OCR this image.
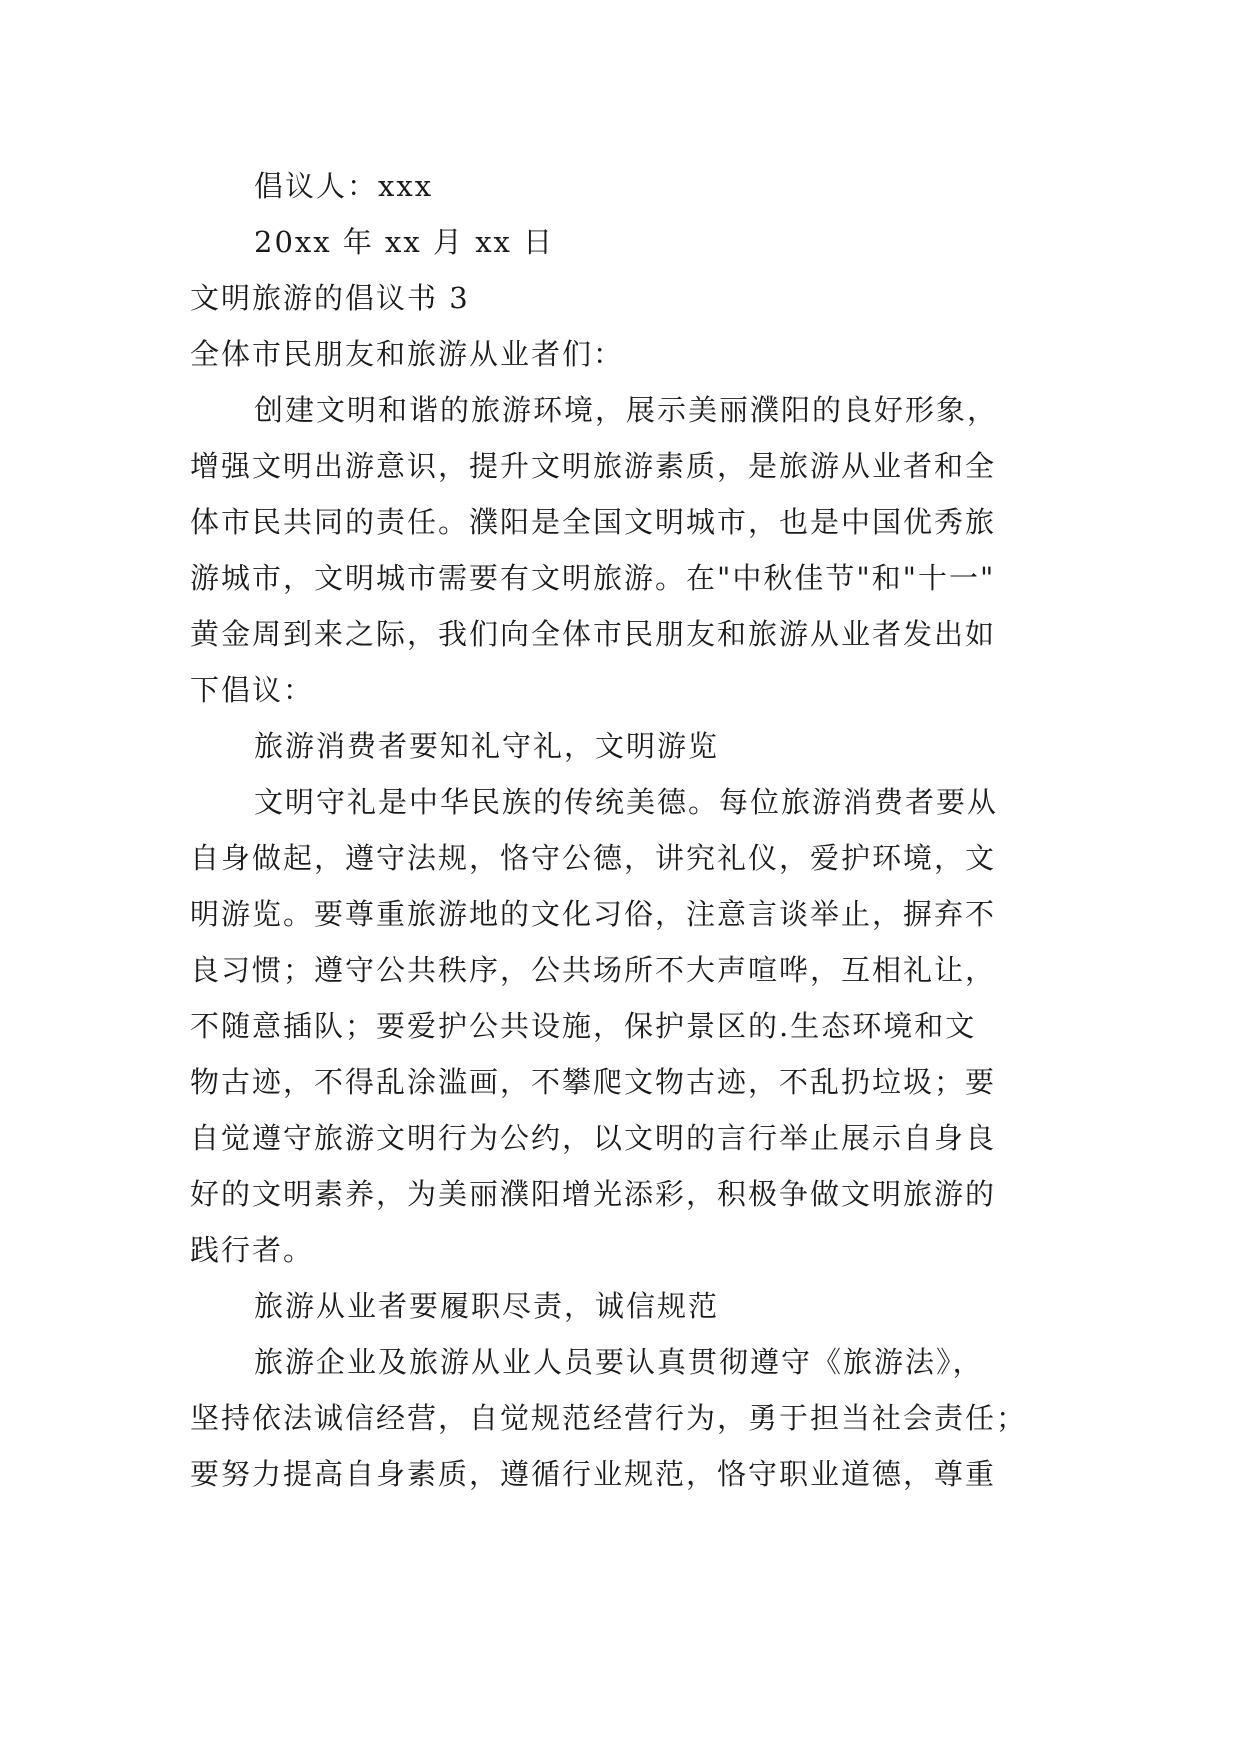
倡议人：xxx
20xx 年 xx 月 xx 日
文明旅游的倡议书 3
全体市民朋友和旅游从业者们：
创建文明和谐的旅游环境，展示美丽濮阳的良好形象，
增强文明出游意识，提升文明旅游素质，是旅游从业者和全
体市民共同的责任。濮阳是全国文明城市，也是中国优秀旅
游城市，文明城市需要有文明旅游。在"中秋佳节"和"十一"
黄金周到来之际，我们向全体市民朋友和旅游从业者发出如
下倡议：
旅游消费者要知礼守礼，文明游览
文明守礼是中华民族的传统美德。每位旅游消费者要从
自身做起，遵守法规，恪守公德，讲究礼仪，爱护环境，文
明游览。要尊重旅游地的文化习俗，注意言谈举止，摒弃不
良习惯；遵守公共秩序，公共场所不大声喧哗，互相礼让，
不随意插队；要爱护公共设施，保护景区的.生态环境和文
物古迹，不得乱涂滥画，不攀爬文物古迹，不乱扔垃圾；要
自觉遵守旅游文明行为公约，以文明的言行举止展示自身良
好的文明素养，为美丽濮阳增光添彩，积极争做文明旅游的
践行者。
旅游从业者要履职尽责，诚信规范
旅游企业及旅游从业人员要认真贯彻遵守《旅游法》，
坚持依法诚信经营，自觉规范经营行为，勇于担当社会责任；
要努力提高自身素质，遵循行业规范，恪守职业道德，尊重
